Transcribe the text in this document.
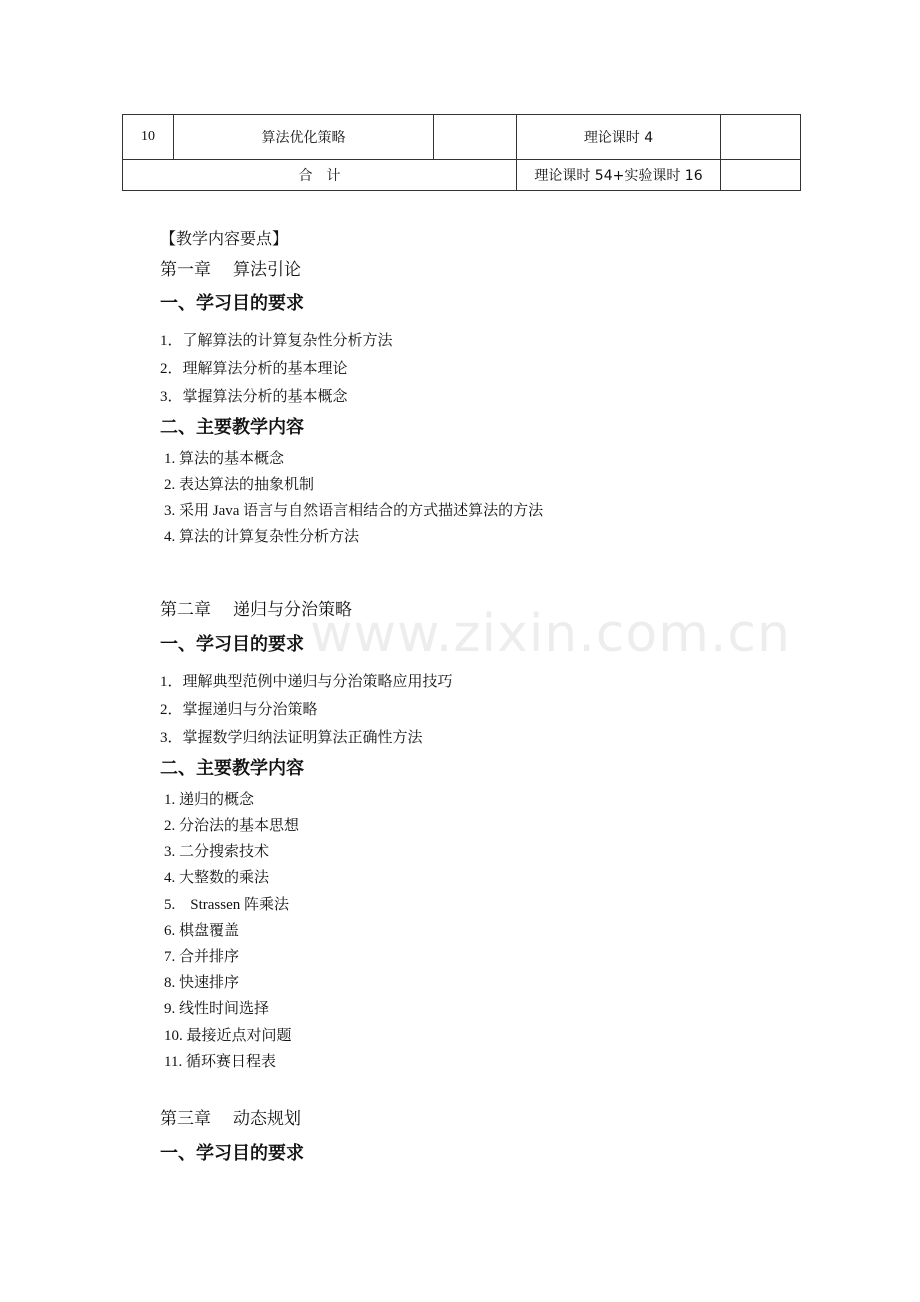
10	算法优化策略		理论课时 4	
合　计			理论课时 54+实验课时 16	
【教学内容要点】
第一章 算法引论
一、学习目的要求
1．了解算法的计算复杂性分析方法
2．理解算法分析的基本理论
3．掌握算法分析的基本概念
二、主要教学内容
1. 算法的基本概念
2. 表达算法的抽象机制
3. 采用 Java 语言与自然语言相结合的方式描述算法的方法
4. 算法的计算复杂性分析方法
第二章 递归与分治策略
一、学习目的要求
1．理解典型范例中递归与分治策略应用技巧
2．掌握递归与分治策略
3．掌握数学归纳法证明算法正确性方法
二、主要教学内容
1. 递归的概念
2. 分治法的基本思想
3. 二分搜索技术
4. 大整数的乘法
5.　Strassen 阵乘法
6. 棋盘覆盖
7. 合并排序
8. 快速排序
9. 线性时间选择
10. 最接近点对问题
11. 循环赛日程表
第三章 动态规划
一、学习目的要求
www.zixin.com.cn
